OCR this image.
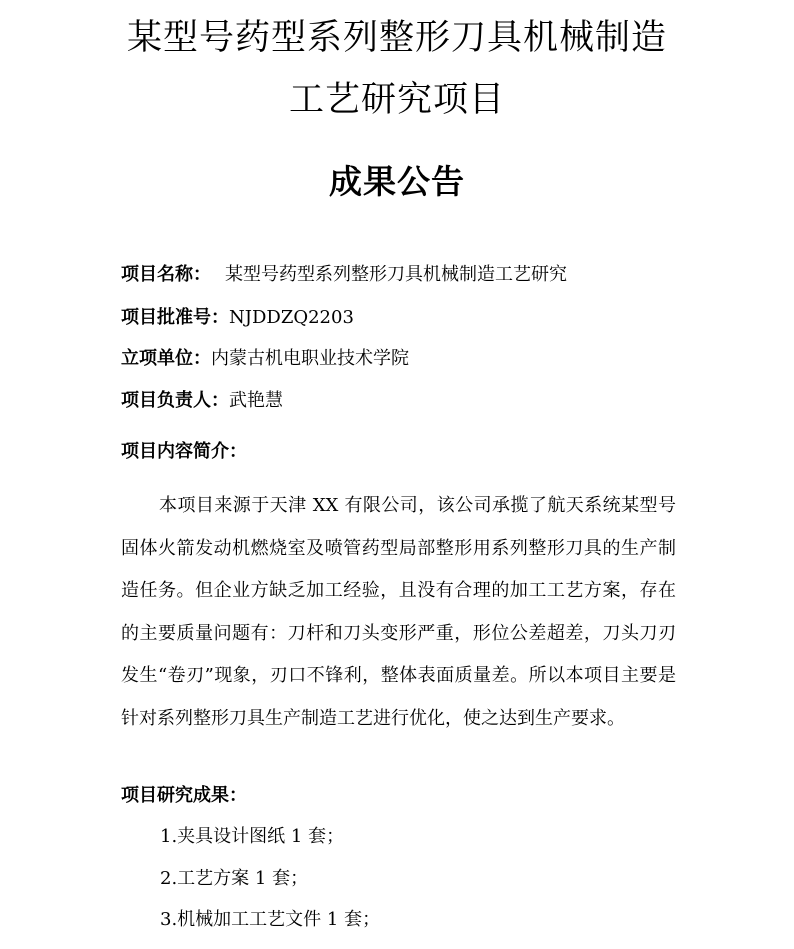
某型号药型系列整形刀具机械制造
工艺研究项目
成果公告
项目名称： 某型号药型系列整形刀具机械制造工艺研究
项目批准号：NJDDZQ2203
立项单位：内蒙古机电职业技术学院
项目负责人：武艳慧
项目内容简介：

本项目来源于天津 XX 有限公司，该公司承揽了航天系统某型号固体火箭发动机燃烧室及喷管药型局部整形用系列整形刀具的生产制造任务。但企业方缺乏加工经验，且没有合理的加工工艺方案，存在的主要质量问题有：刀杆和刀头变形严重，形位公差超差，刀头刀刃发生“卷刃”现象，刃口不锋利，整体表面质量差。所以本项目主要是针对系列整形刀具生产制造工艺进行优化，使之达到生产要求。

项目研究成果：
1.夹具设计图纸 1 套；
2.工艺方案 1 套；
3.机械加工工艺文件 1 套；
